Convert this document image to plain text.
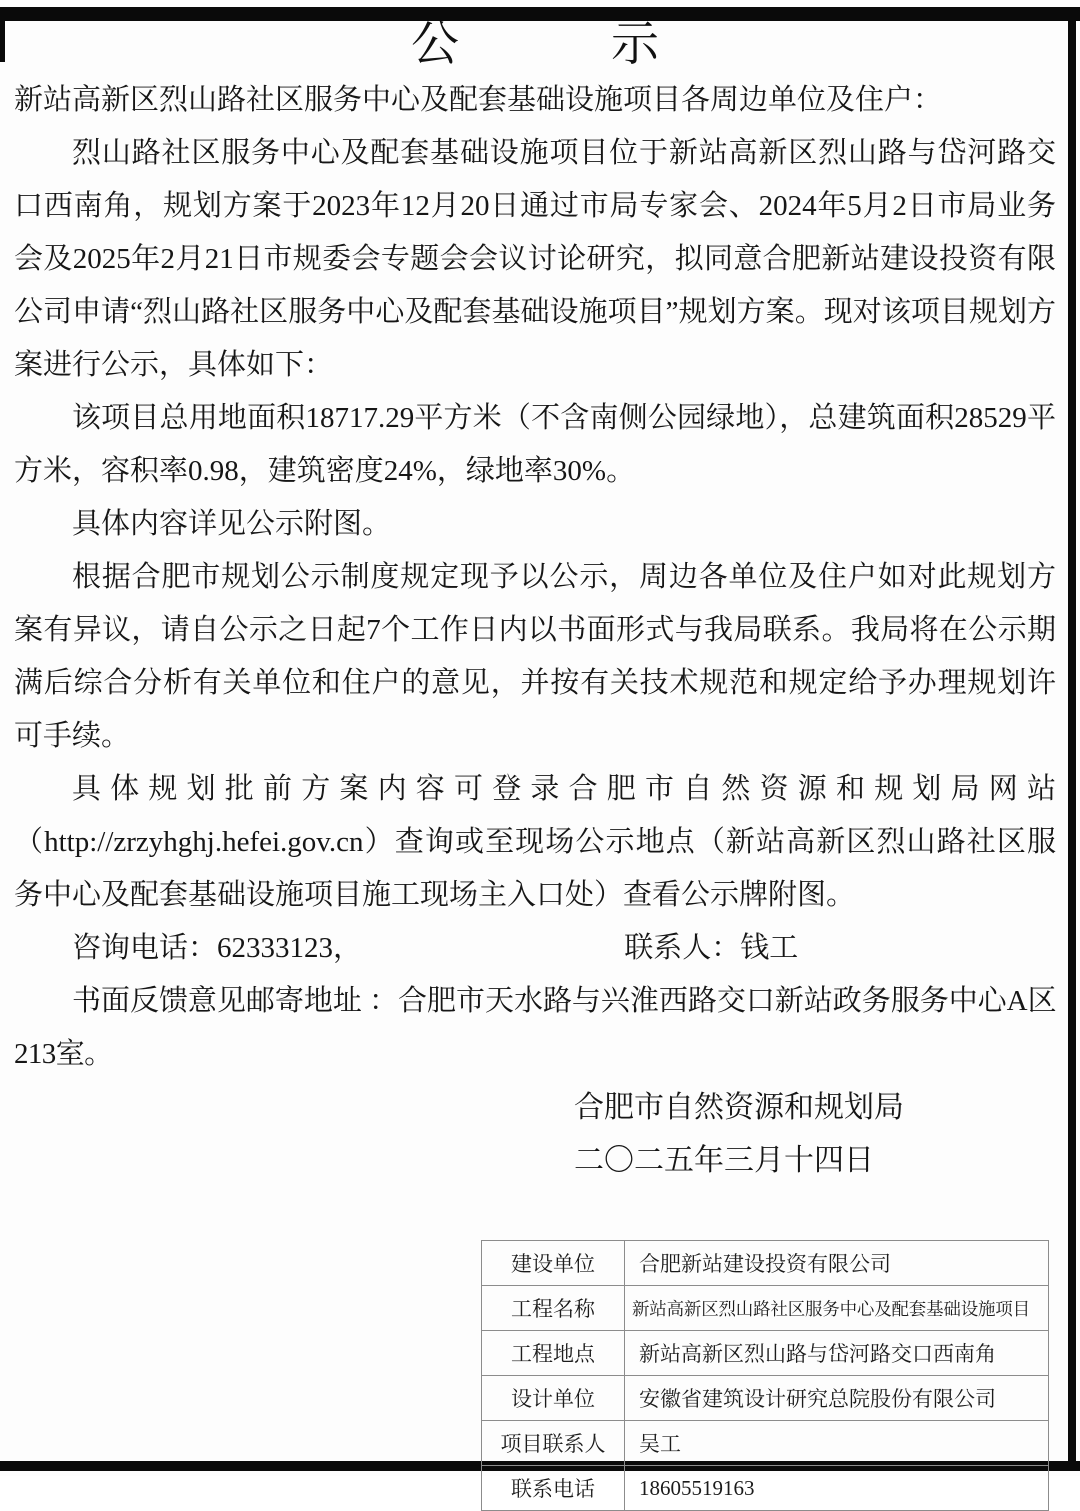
公 示

新站高新区烈山路社区服务中心及配套基础设施项目各周边单位及住户：

烈山路社区服务中心及配套基础设施项目位于新站高新区烈山路与岱河路交口西南角，规划方案于2023年12月20日通过市局专家会、2024年5月2日市局业务会及2025年2月21日市规委会专题会会议讨论研究，拟同意合肥新站建设投资有限公司申请“烈山路社区服务中心及配套基础设施项目”规划方案。现对该项目规划方案进行公示，具体如下：

该项目总用地面积18717.29平方米（不含南侧公园绿地），总建筑面积28529平方米，容积率0.98，建筑密度24%，绿地率30%。

具体内容详见公示附图。

根据合肥市规划公示制度规定现予以公示，周边各单位及住户如对此规划方案有异议，请自公示之日起7个工作日内以书面形式与我局联系。我局将在公示期满后综合分析有关单位和住户的意见，并按有关技术规范和规定给予办理规划许可手续。

具体规划批前方案内容可登录合肥市自然资源和规划局网站（http://zrzyhghj.hefei.gov.cn）查询或至现场公示地点（新站高新区烈山路社区服务中心及配套基础设施项目施工现场主入口处）查看公示牌附图。

咨询电话：62333123，	联系人：钱工

书面反馈意见邮寄地址 ：合肥市天水路与兴淮西路交口新站政务服务中心A区213室。

合肥市自然资源和规划局
二〇二五年三月十四日
建设单位	合肥新站建设投资有限公司
工程名称	新站高新区烈山路社区服务中心及配套基础设施项目
工程地点	新站高新区烈山路与岱河路交口西南角
设计单位	安徽省建筑设计研究总院股份有限公司
项目联系人	吴工
联系电话	18605519163
